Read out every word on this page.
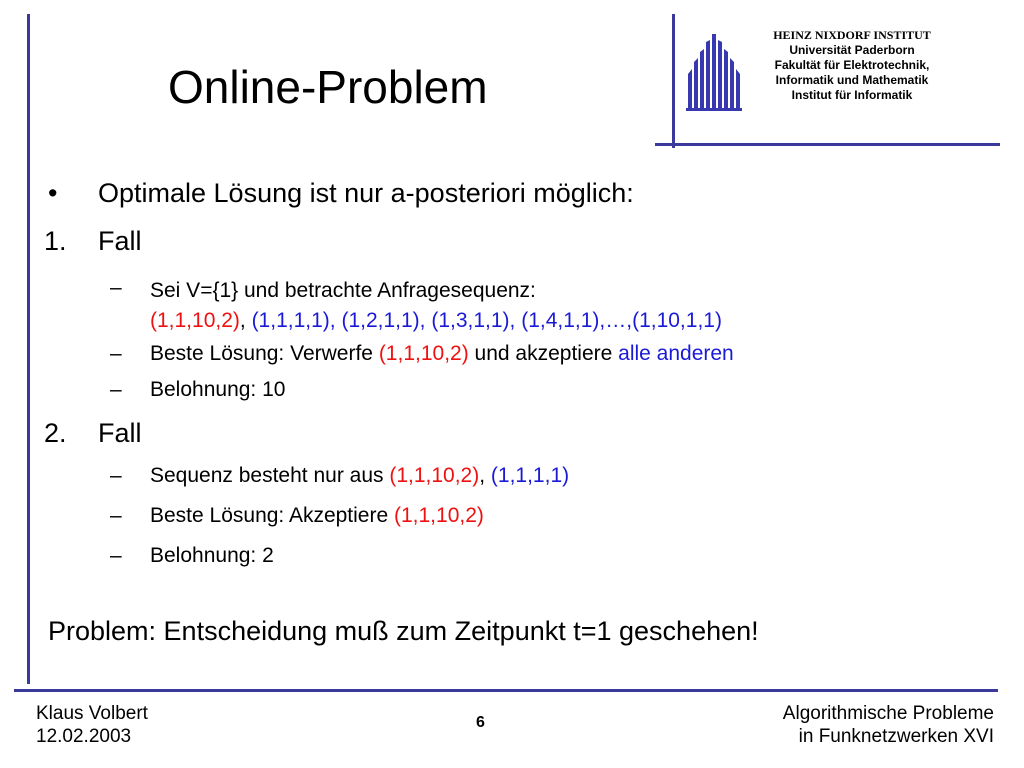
Online-Problem
HEINZ NIXDORF INSTITUT
Universität Paderborn
Fakultät für Elektrotechnik,
Informatik und Mathematik
Institut für Informatik
• Optimale Lösung ist nur a-posteriori möglich:
1. Fall
– Sei V={1} und betrachte Anfragesequenz:
(1,1,10,2), (1,1,1,1), (1,2,1,1), (1,3,1,1), (1,4,1,1),…,(1,10,1,1)
– Beste Lösung: Verwerfe (1,1,10,2) und akzeptiere alle anderen
– Belohnung: 10
2. Fall
– Sequenz besteht nur aus (1,1,10,2), (1,1,1,1)
– Beste Lösung: Akzeptiere (1,1,10,2)
– Belohnung: 2
Problem: Entscheidung muß zum Zeitpunkt t=1 geschehen!
Klaus Volbert
12.02.2003
6	Algorithmische Probleme
in Funknetzwerken XVI
